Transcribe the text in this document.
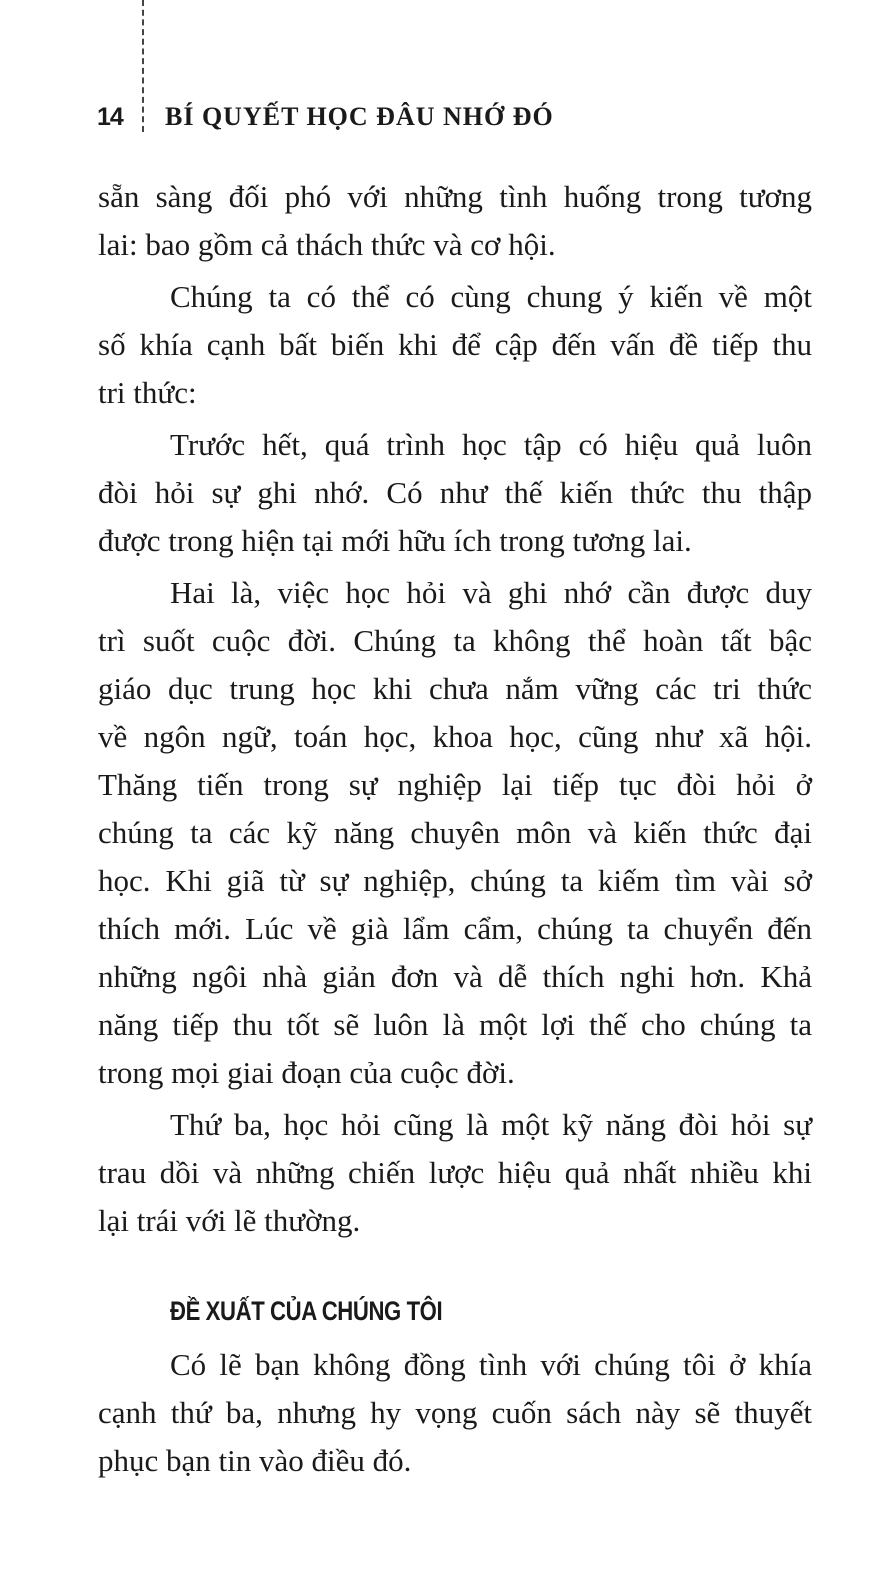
14 BÍ QUYẾT HỌC ĐÂU NHỚ ĐÓ
sẵn sàng đối phó với những tình huống trong tương
lai: bao gồm cả thách thức và cơ hội.
Chúng ta có thể có cùng chung ý kiến về một
số khía cạnh bất biến khi để cập đến vấn đề tiếp thu
tri thức:
Trước hết, quá trình học tập có hiệu quả luôn
đòi hỏi sự ghi nhớ. Có như thế kiến thức thu thập
được trong hiện tại mới hữu ích trong tương lai.
Hai là, việc học hỏi và ghi nhớ cần được duy
trì suốt cuộc đời. Chúng ta không thể hoàn tất bậc
giáo dục trung học khi chưa nắm vững các tri thức
về ngôn ngữ, toán học, khoa học, cũng như xã hội.
Thăng tiến trong sự nghiệp lại tiếp tục đòi hỏi ở
chúng ta các kỹ năng chuyên môn và kiến thức đại
học. Khi giã từ sự nghiệp, chúng ta kiếm tìm vài sở
thích mới. Lúc về già lẩm cẩm, chúng ta chuyển đến
những ngôi nhà giản đơn và dễ thích nghi hơn. Khả
năng tiếp thu tốt sẽ luôn là một lợi thế cho chúng ta
trong mọi giai đoạn của cuộc đời.
Thứ ba, học hỏi cũng là một kỹ năng đòi hỏi sự
trau dồi và những chiến lược hiệu quả nhất nhiều khi
lại trái với lẽ thường.
ĐỀ XUẤT CỦA CHÚNG TÔI
Có lẽ bạn không đồng tình với chúng tôi ở khía
cạnh thứ ba, nhưng hy vọng cuốn sách này sẽ thuyết
phục bạn tin vào điều đó.
